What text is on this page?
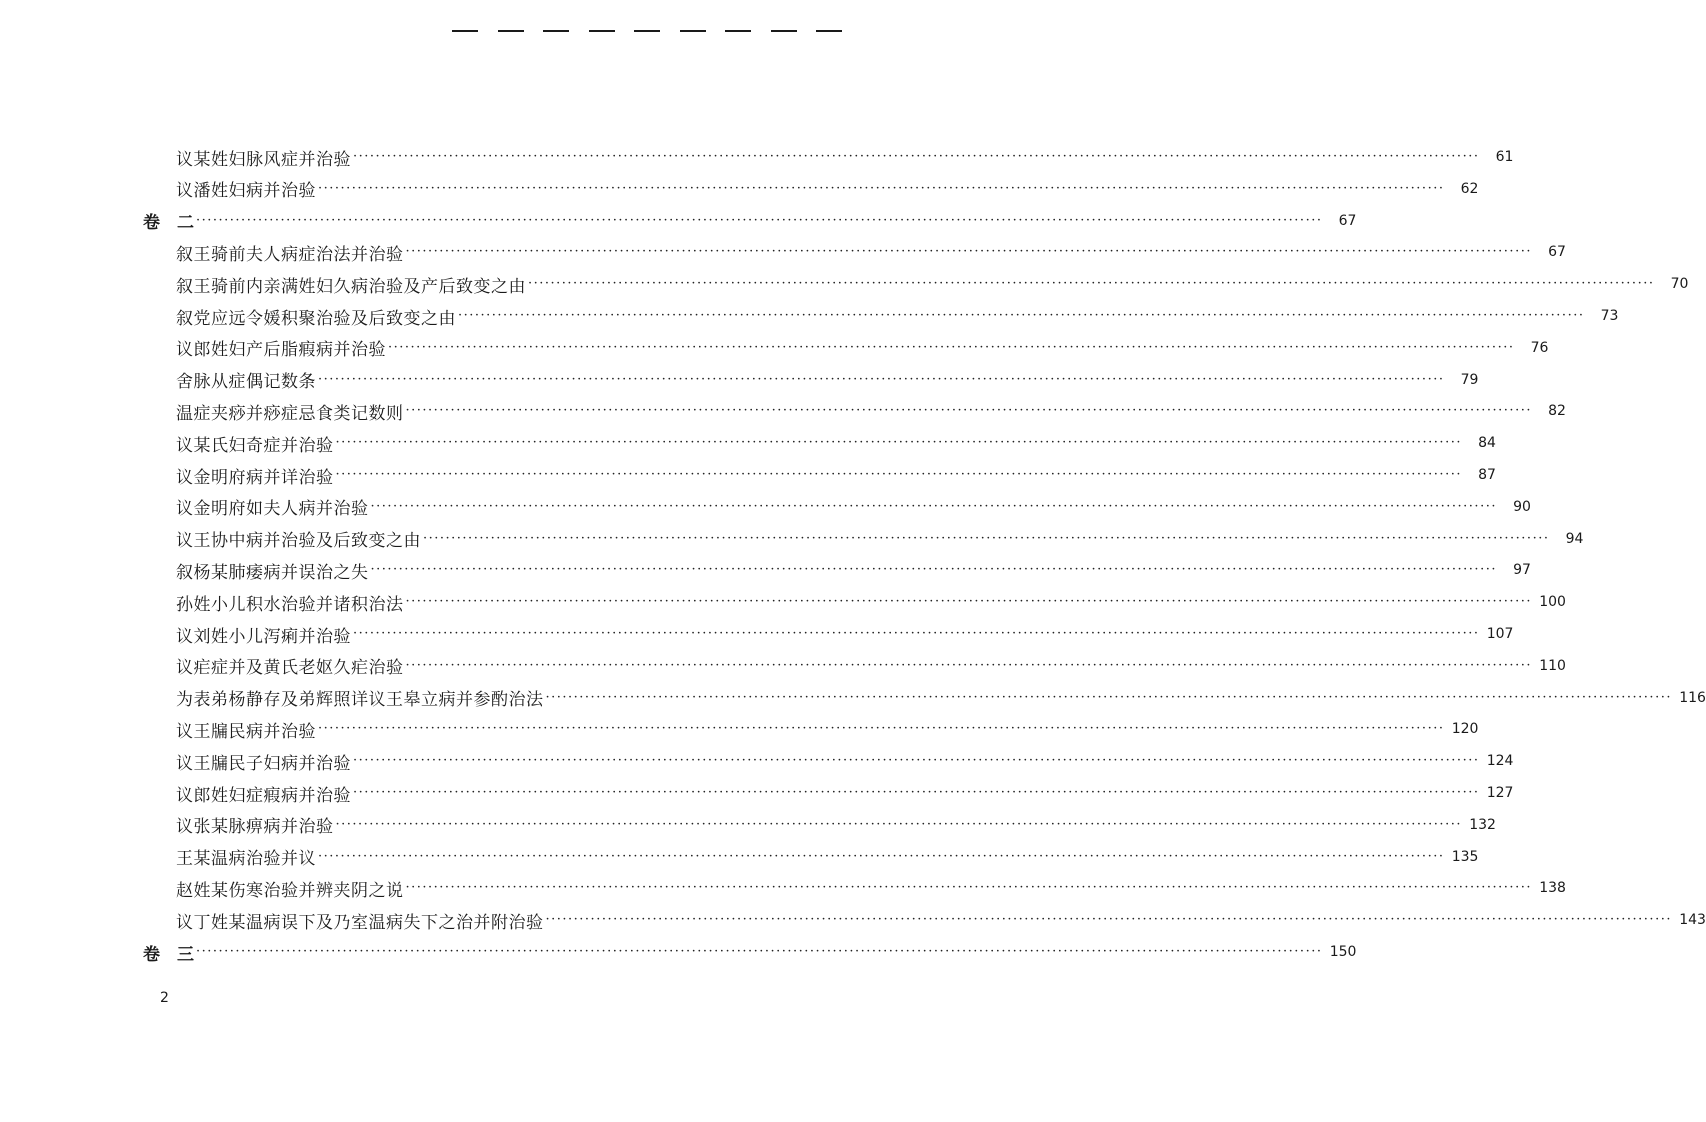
议某姓妇脉风症并治验 ········································································································································································································	61
议潘姓妇病并治验 ········································································································································································································	62
卷　二 ········································································································································································································	67
叙王骑前夫人病症治法并治验 ········································································································································································································	67
叙王骑前内亲满姓妇久病治验及产后致变之由 ········································································································································································································	70
叙党应远令媛积聚治验及后致变之由 ········································································································································································································	73
议郎姓妇产后脂瘕病并治验 ········································································································································································································	76
舍脉从症偶记数条 ········································································································································································································	79
温症夹痧并痧症忌食类记数则 ········································································································································································································	82
议某氏妇奇症并治验 ········································································································································································································	84
议金明府病并详治验 ········································································································································································································	87
议金明府如夫人病并治验 ········································································································································································································	90
议王协中病并治验及后致变之由 ········································································································································································································	94
叙杨某肺痿病并误治之失 ········································································································································································································	97
孙姓小儿积水治验并诸积治法 ········································································································································································································ 100
议刘姓小儿泻痢并治验 ········································································································································································································ 107
议疟症并及黄氏老妪久疟治验 ········································································································································································································ 110
为表弟杨静存及弟辉照详议王皋立病并参酌治法 ········································································································································································································ 116
议王牖民病并治验 ········································································································································································································ 120
议王牖民子妇病并治验 ········································································································································································································ 124
议郎姓妇症瘕病并治验 ········································································································································································································ 127
议张某脉痹病并治验 ········································································································································································································ 132
王某温病治验并议 ········································································································································································································ 135
赵姓某伤寒治验并辨夹阴之说 ········································································································································································································ 138
议丁姓某温病误下及乃室温病失下之治并附治验 ········································································································································································································ 143
卷　三 ········································································································································································································ 150
2
